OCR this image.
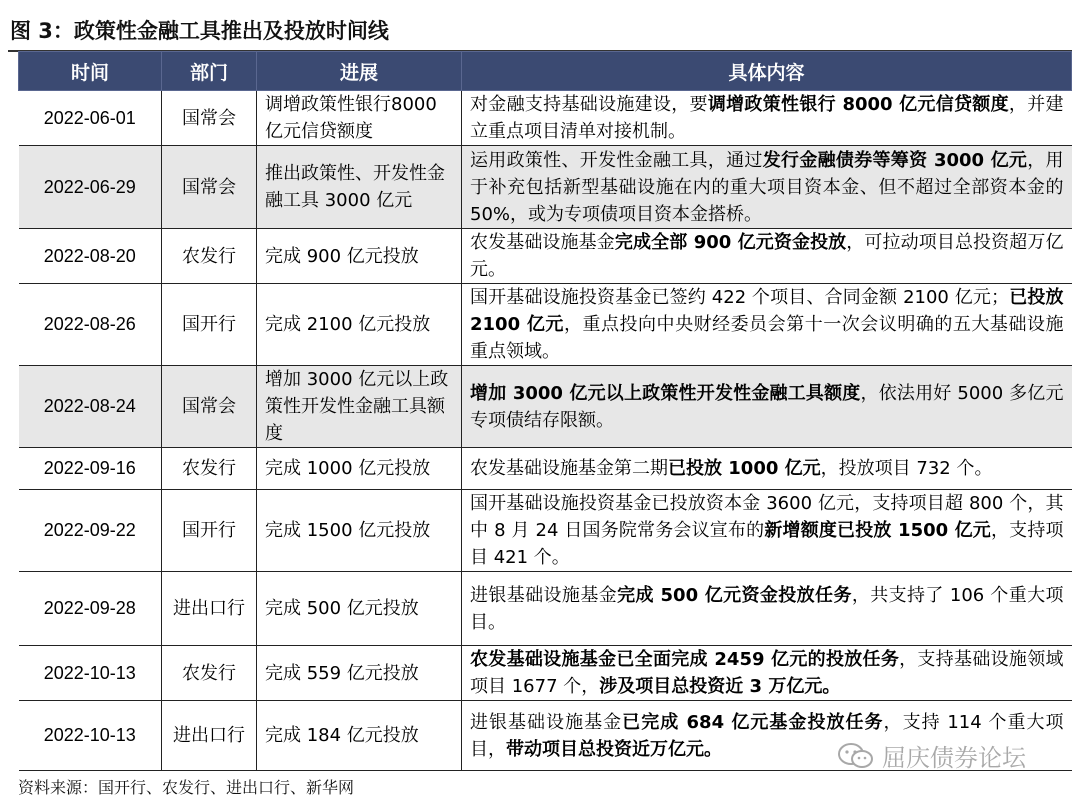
图 3：政策性金融工具推出及投放时间线
时间	部门	进展	具体内容
2022-06-01	国常会	调增政策性银行8000亿元信贷额度	对金融支持基础设施建设，要调增政策性银行 8000 亿元信贷额度，并建立重点项目清单对接机制。
2022-06-29	国常会	推出政策性、开发性金融工具 3000 亿元	运用政策性、开发性金融工具，通过发行金融债券等筹资 3000 亿元，用于补充包括新型基础设施在内的重大项目资本金、但不超过全部资本金的 50%，或为专项债项目资本金搭桥。
2022-08-20	农发行	完成 900 亿元投放	农发基础设施基金完成全部 900 亿元资金投放，可拉动项目总投资超万亿元。
2022-08-26	国开行	完成 2100 亿元投放	国开基础设施投资基金已签约 422 个项目、合同金额 2100 亿元；已投放 2100 亿元，重点投向中央财经委员会第十一次会议明确的五大基础设施重点领域。
2022-08-24	国常会	增加 3000 亿元以上政策性开发性金融工具额度	增加 3000 亿元以上政策性开发性金融工具额度，依法用好 5000 多亿元专项债结存限额。
2022-09-16	农发行	完成 1000 亿元投放	农发基础设施基金第二期已投放 1000 亿元，投放项目 732 个。
2022-09-22	国开行	完成 1500 亿元投放	国开基础设施投资基金已投放资本金 3600 亿元，支持项目超 800 个，其中 8 月 24 日国务院常务会议宣布的新增额度已投放 1500 亿元，支持项目 421 个。
2022-09-28	进出口行	完成 500 亿元投放	进银基础设施基金完成 500 亿元资金投放任务，共支持了 106 个重大项目。
2022-10-13	农发行	完成 559 亿元投放	农发基础设施基金已全面完成 2459 亿元的投放任务，支持基础设施领域项目 1677 个，涉及项目总投资近 3 万亿元。
2022-10-13	进出口行	完成 184 亿元投放	进银基础设施基金已完成 684 亿元基金投放任务，支持 114 个重大项目，带动项目总投资近万亿元。
资料来源：国开行、农发行、进出口行、新华网
屈庆债券论坛
